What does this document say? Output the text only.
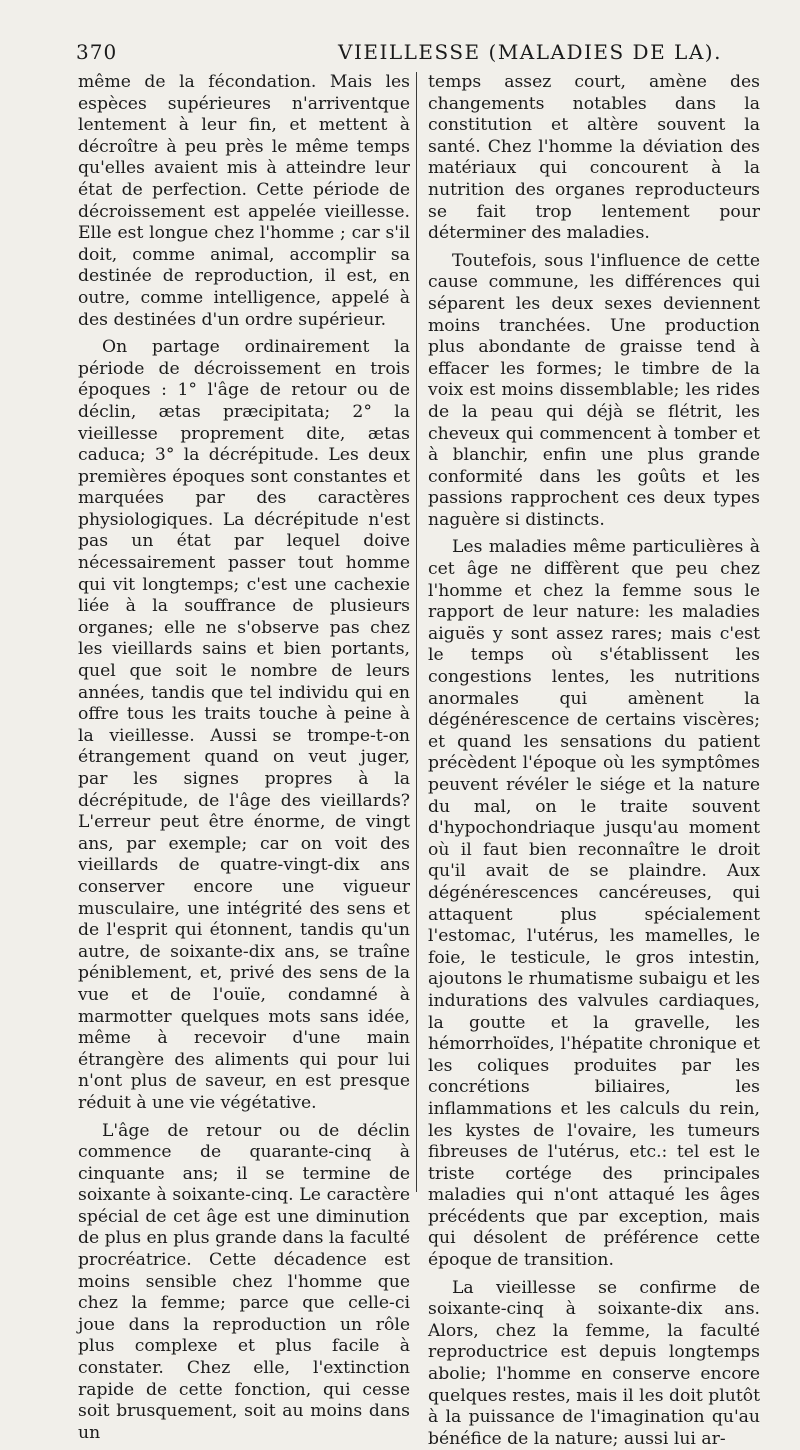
370	VIEILLESSE (MALADIES DE LA).

même de la fécondation. Mais les espèces supérieures n'arriventque lentement à leur fin, et mettent à décroître à peu près le même temps qu'elles avaient mis à atteindre leur état de perfection. Cette période de décroissement est appelée vieillesse. Elle est longue chez l'homme ; car s'il doit, comme animal, accomplir sa destinée de reproduction, il est, en outre, comme intelligence, appelé à des destinées d'un ordre supérieur.

On partage ordinairement la période de décroissement en trois époques : 1° l'âge de retour ou de déclin, ætas præcipitata; 2° la vieillesse proprement dite, ætas caduca; 3° la décrépitude. Les deux premières époques sont constantes et marquées par des caractères physiologiques. La décrépitude n'est pas un état par lequel doive nécessairement passer tout homme qui vit longtemps; c'est une cachexie liée à la souffrance de plusieurs organes; elle ne s'observe pas chez les vieillards sains et bien portants, quel que soit le nombre de leurs années, tandis que tel individu qui en offre tous les traits touche à peine à la vieillesse. Aussi se trompe-t-on étrangement quand on veut juger, par les signes propres à la décrépitude, de l'âge des vieillards? L'erreur peut être énorme, de vingt ans, par exemple; car on voit des vieillards de quatre-vingt-dix ans conserver encore une vigueur musculaire, une intégrité des sens et de l'esprit qui étonnent, tandis qu'un autre, de soixante-dix ans, se traîne péniblement, et, privé des sens de la vue et de l'ouïe, condamné à marmotter quelques mots sans idée, même à recevoir d'une main étrangère des aliments qui pour lui n'ont plus de saveur, en est presque réduit à une vie végétative.

L'âge de retour ou de déclin commence de quarante-cinq à cinquante ans; il se termine de soixante à soixante-cinq. Le caractère spécial de cet âge est une diminution de plus en plus grande dans la faculté procréatrice. Cette décadence est moins sensible chez l'homme que chez la femme; parce que celle-ci joue dans la reproduction un rôle plus complexe et plus facile à constater. Chez elle, l'extinction rapide de cette fonction, qui cesse soit brusquement, soit au moins dans un

temps assez court, amène des changements notables dans la constitution et altère souvent la santé. Chez l'homme la déviation des matériaux qui concourent à la nutrition des organes reproducteurs se fait trop lentement pour déterminer des maladies.

Toutefois, sous l'influence de cette cause commune, les différences qui séparent les deux sexes deviennent moins tranchées. Une production plus abondante de graisse tend à effacer les formes; le timbre de la voix est moins dissemblable; les rides de la peau qui déjà se flétrit, les cheveux qui commencent à tomber et à blanchir, enfin une plus grande conformité dans les goûts et les passions rapprochent ces deux types naguère si distincts.

Les maladies même particulières à cet âge ne diffèrent que peu chez l'homme et chez la femme sous le rapport de leur nature: les maladies aiguës y sont assez rares; mais c'est le temps où s'établissent les congestions lentes, les nutritions anormales qui amènent la dégénérescence de certains viscères; et quand les sensations du patient précèdent l'époque où les symptômes peuvent révéler le siége et la nature du mal, on le traite souvent d'hypochondriaque jusqu'au moment où il faut bien reconnaître le droit qu'il avait de se plaindre. Aux dégénérescences cancéreuses, qui attaquent plus spécialement l'estomac, l'utérus, les mamelles, le foie, le testicule, le gros intestin, ajoutons le rhumatisme subaigu et les indurations des valvules cardiaques, la goutte et la gravelle, les hémorrhoïdes, l'hépatite chronique et les coliques produites par les concrétions biliaires, les inflammations et les calculs du rein, les kystes de l'ovaire, les tumeurs fibreuses de l'utérus, etc.: tel est le triste cortége des principales maladies qui n'ont attaqué les âges précédents que par exception, mais qui désolent de préférence cette époque de transition.

La vieillesse se confirme de soixante-cinq à soixante-dix ans. Alors, chez la femme, la faculté reproductrice est depuis longtemps abolie; l'homme en conserve encore quelques restes, mais il les doit plutôt à la puissance de l'imagination qu'au bénéfice de la nature; aussi lui ar-
